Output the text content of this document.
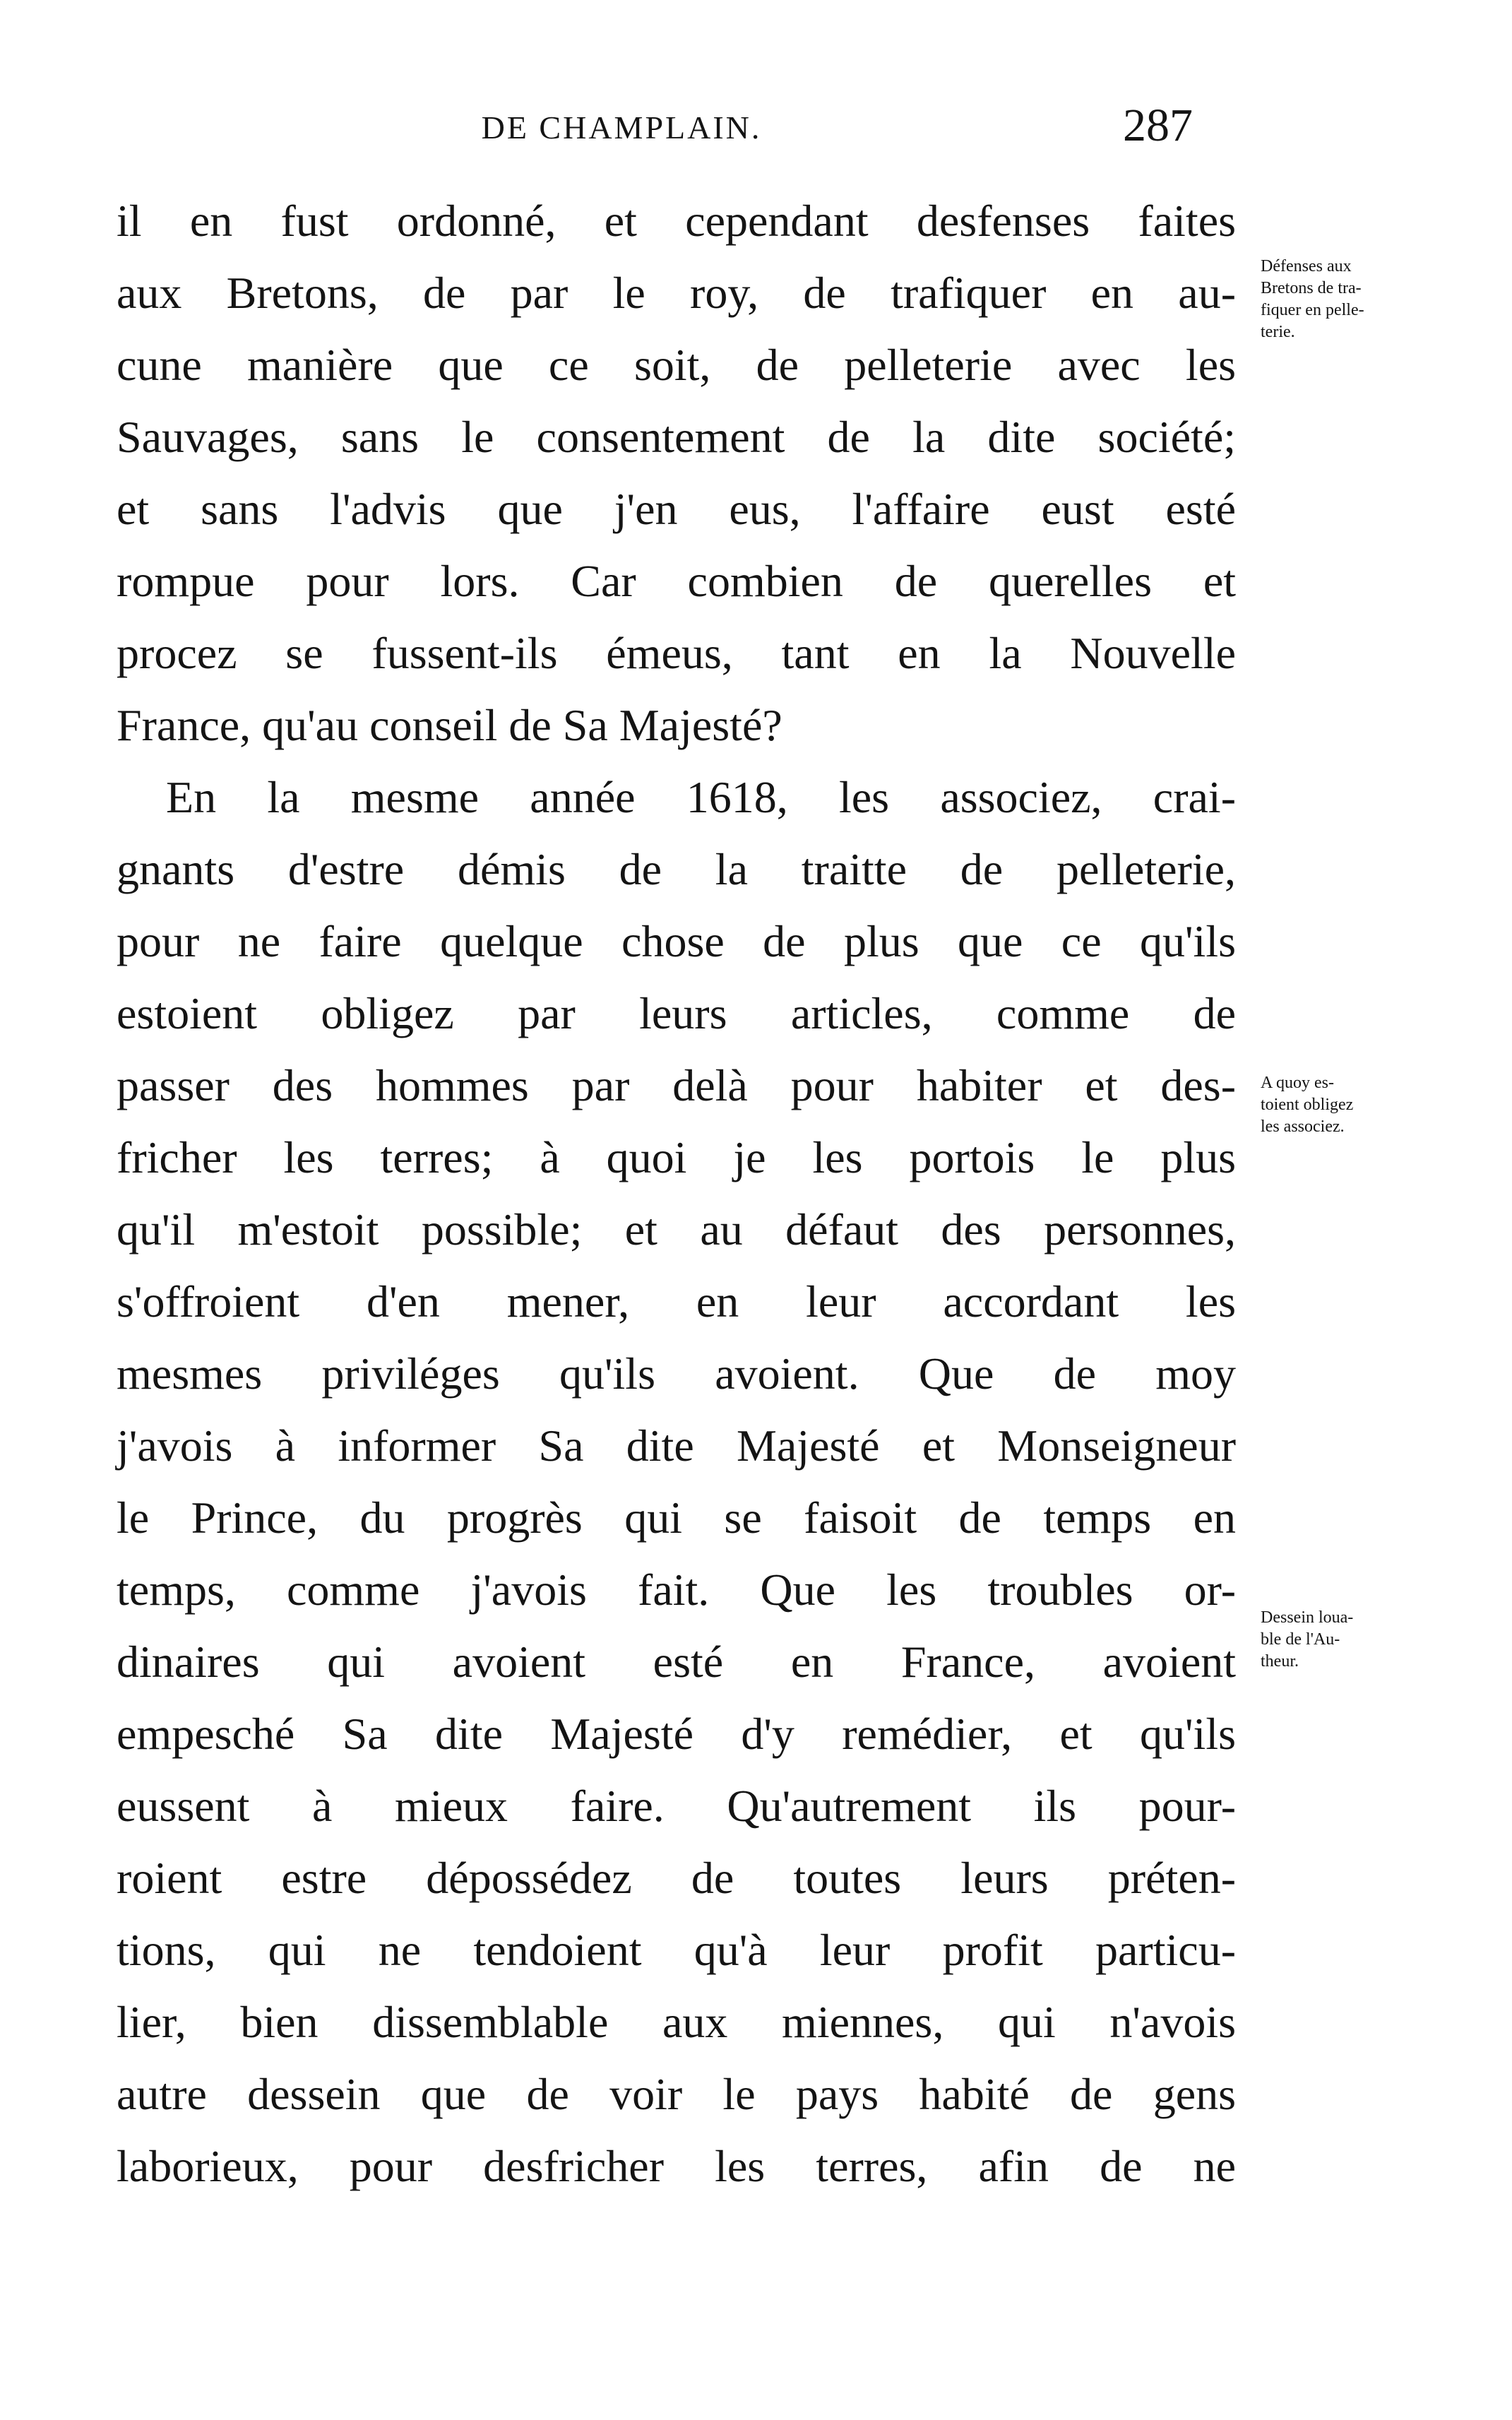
DE CHAMPLAIN.	287
il en fust ordonné, et cependant desfenses faites
aux Bretons, de par le roy, de trafiquer en au-
cune manière que ce soit, de pelleterie avec les
Sauvages, sans le consentement de la dite société;
et sans l'advis que j'en eus, l'affaire eust esté
rompue pour lors. Car combien de querelles et
procez se fussent-ils émeus, tant en la Nouvelle
France, qu'au conseil de Sa Majesté?
En la mesme année 1618, les associez, crai-
gnants d'estre démis de la traitte de pelleterie,
pour ne faire quelque chose de plus que ce qu'ils
estoient obligez par leurs articles, comme de
passer des hommes par delà pour habiter et des-
fricher les terres; à quoi je les portois le plus
qu'il m'estoit possible; et au défaut des personnes,
s'offroient d'en mener, en leur accordant les
mesmes priviléges qu'ils avoient. Que de moy
j'avois à informer Sa dite Majesté et Monseigneur
le Prince, du progrès qui se faisoit de temps en
temps, comme j'avois fait. Que les troubles or-
dinaires qui avoient esté en France, avoient
empesché Sa dite Majesté d'y remédier, et qu'ils
eussent à mieux faire. Qu'autrement ils pour-
roient estre dépossédez de toutes leurs préten-
tions, qui ne tendoient qu'à leur profit particu-
lier, bien dissemblable aux miennes, qui n'avois
autre dessein que de voir le pays habité de gens
laborieux, pour desfricher les terres, afin de ne
Défenses aux
Bretons de tra-
fiquer en pelle-
terie.
A quoy es-
toient obligez
les associez.
Dessein loua-
ble de l'Au-
theur.
